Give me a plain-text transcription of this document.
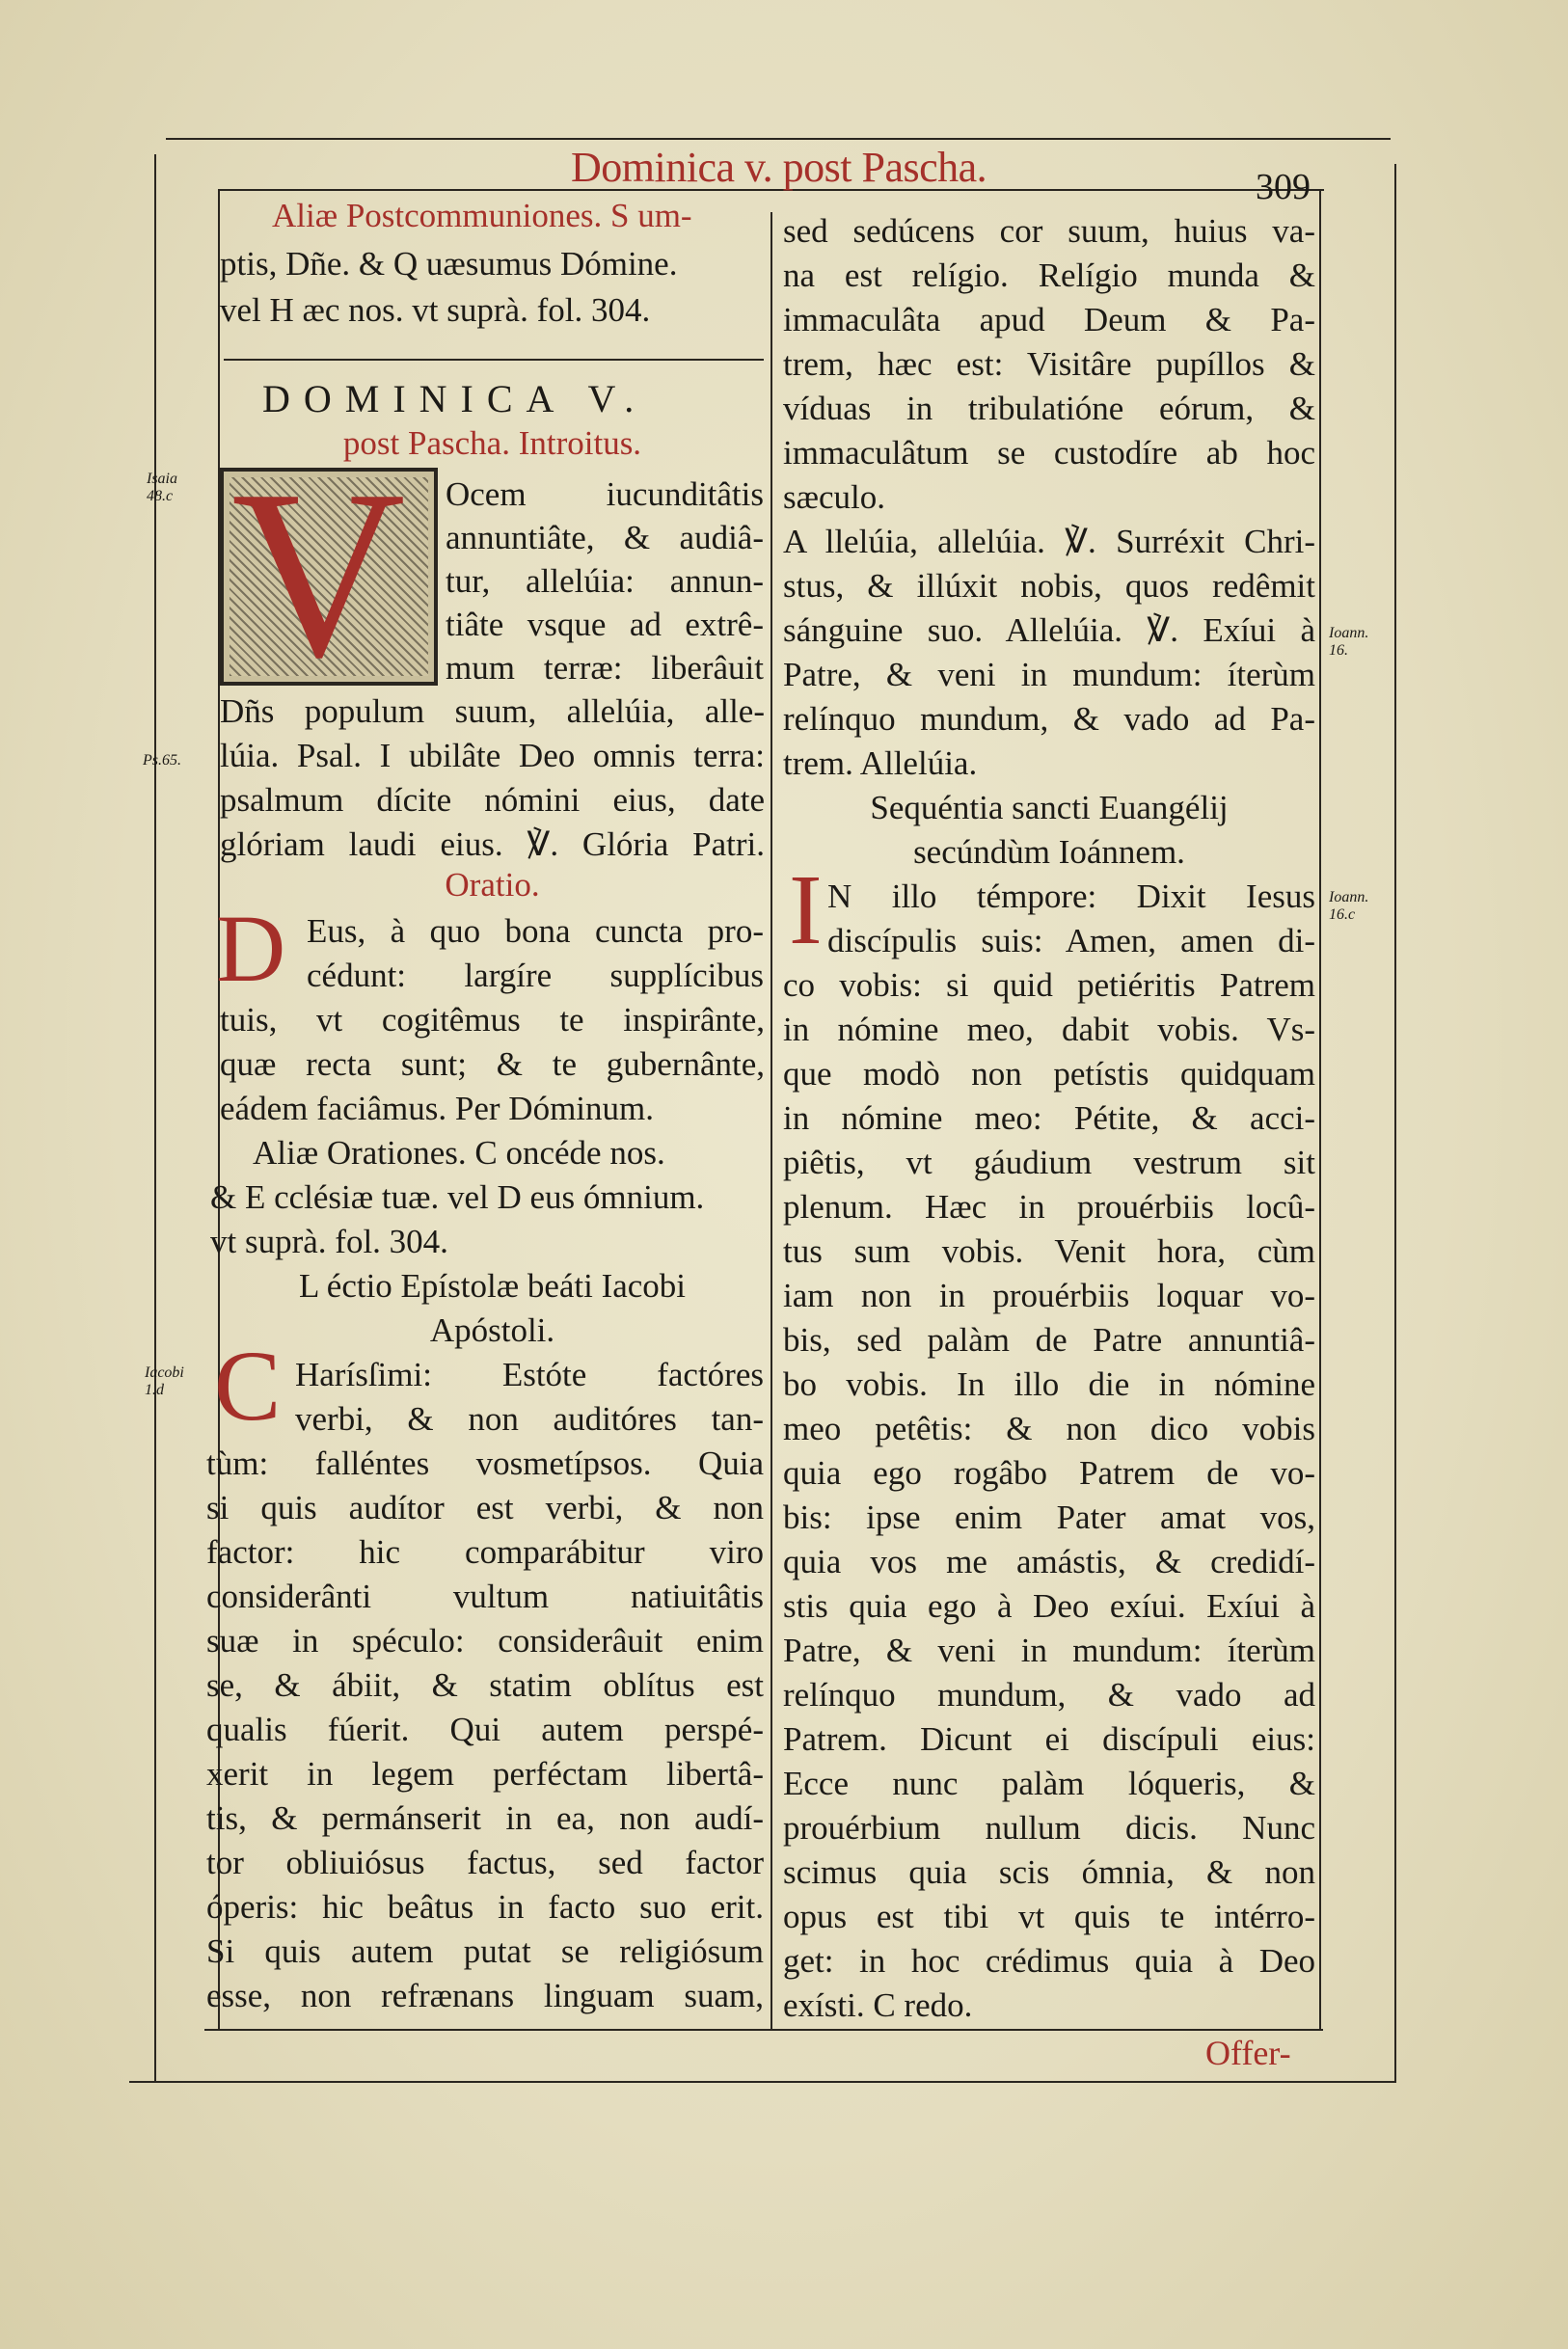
Dominica v. post Pascha.	309
Isaia
48.c
Ps.65.
Iacobi
1.d
Ioann.
16.
Ioann.
16.c
Aliæ Postcommuniones. S um-
ptis, Dñe. & Q uæsumus Dómine.
vel H æc nos. vt suprà. fol. 304.
DOMINICA V.
post Pascha. Introitus.
V Ocem iucunditâtis
annuntiâte, & audiâ-
tur, allelúia: annun-
tiâte vsque ad extrê-
mum terræ: liberâuit
Dñs populum suum, allelúia, alle-
lúia. Psal. I ubilâte Deo omnis terra:
psalmum dícite nómini eius, date
glóriam laudi eius. ℣. Glória Patri.
Oratio.
D Eus, à quo bona cuncta pro-
cédunt: largíre supplícibus
tuis, vt cogitêmus te inspirânte,
quæ recta sunt; & te gubernânte,
eádem faciâmus. Per Dóminum.
Aliæ Orationes. C oncéde nos.
& E cclésiæ tuæ. vel D eus ómnium.
vt suprà. fol. 304.
L éctio Epístolæ beáti Iacobi
Apóstoli.
C Harísſimi: Estóte factóres
verbi, & non auditóres tan-
tùm: falléntes vosmetípsos. Quia
si quis audítor est verbi, & non
factor: hic comparábitur viro
considerânti vultum natiuitâtis
suæ in spéculo: considerâuit enim
se, & ábiit, & statim oblítus est
qualis fúerit. Qui autem perspé-
xerit in legem perféctam libertâ-
tis, & permánserit in ea, non audí-
tor obliuiósus factus, sed factor
óperis: hic beâtus in facto suo erit.
Si quis autem putat se religiósum
esse, non refrænans linguam suam,
sed sedúcens cor suum, huius va-
na est relígio. Relígio munda &
immaculâta apud Deum & Pa-
trem, hæc est: Visitâre pupíllos &
víduas in tribulatióne eórum, &
immaculâtum se custodíre ab hoc
sæculo.
A llelúia, allelúia. ℣. Surréxit Chri-
stus, & illúxit nobis, quos redêmit
sánguine suo. Allelúia. ℣. Exíui à
Patre, & veni in mundum: íterùm
relínquo mundum, & vado ad Pa-
trem. Allelúia.
Sequéntia sancti Euangélij
secúndùm Ioánnem.
I N illo témpore: Dixit Iesus
discípulis suis: Amen, amen di-
co vobis: si quid petiéritis Patrem
in nómine meo, dabit vobis. Vs-
que modò non petístis quidquam
in nómine meo: Pétite, & acci-
piêtis, vt gáudium vestrum sit
plenum. Hæc in prouérbiis locû-
tus sum vobis. Venit hora, cùm
iam non in prouérbiis loquar vo-
bis, sed palàm de Patre annuntiâ-
bo vobis. In illo die in nómine
meo petêtis: & non dico vobis
quia ego rogâbo Patrem de vo-
bis: ipse enim Pater amat vos,
quia vos me amástis, & credidí-
stis quia ego à Deo exíui. Exíui à
Patre, & veni in mundum: íterùm
relínquo mundum, & vado ad
Patrem. Dicunt ei discípuli eius:
Ecce nunc palàm lóqueris, &
prouérbium nullum dicis. Nunc
scimus quia scis ómnia, & non
opus est tibi vt quis te intérro-
get: in hoc crédimus quia à Deo
exísti. C redo.
Offer-
